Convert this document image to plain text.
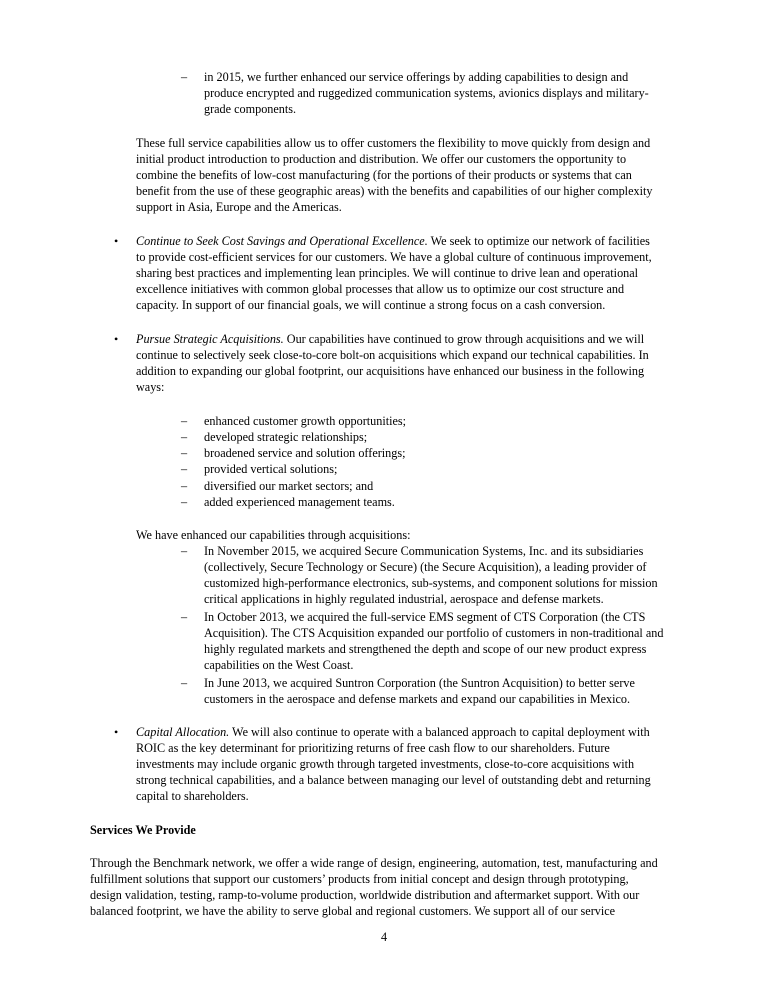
–	in 2015, we further enhanced our service offerings by adding capabilities to design and
produce encrypted and ruggedized communication systems, avionics displays and military-
grade components.
These full service capabilities allow us to offer customers the flexibility to move quickly from design and
initial product introduction to production and distribution. We offer our customers the opportunity to
combine the benefits of low-cost manufacturing (for the portions of their products or systems that can
benefit from the use of these geographic areas) with the benefits and capabilities of our higher complexity
support in Asia, Europe and the Americas.
• Continue to Seek Cost Savings and Operational Excellence. We seek to optimize our network of facilities
to provide cost-efficient services for our customers. We have a global culture of continuous improvement,
sharing best practices and implementing lean principles. We will continue to drive lean and operational
excellence initiatives with common global processes that allow us to optimize our cost structure and
capacity. In support of our financial goals, we will continue a strong focus on a cash conversion.
• Pursue Strategic Acquisitions. Our capabilities have continued to grow through acquisitions and we will
continue to selectively seek close-to-core bolt-on acquisitions which expand our technical capabilities. In
addition to expanding our global footprint, our acquisitions have enhanced our business in the following
ways:
–	enhanced customer growth opportunities;
–	developed strategic relationships;
–	broadened service and solution offerings;
–	provided vertical solutions;
–	diversified our market sectors; and
–	added experienced management teams.
We have enhanced our capabilities through acquisitions:
–	In November 2015, we acquired Secure Communication Systems, Inc. and its subsidiaries
(collectively, Secure Technology or Secure) (the Secure Acquisition), a leading provider of
customized high-performance electronics, sub-systems, and component solutions for mission
critical applications in highly regulated industrial, aerospace and defense markets.
–	In October 2013, we acquired the full-service EMS segment of CTS Corporation (the CTS
Acquisition). The CTS Acquisition expanded our portfolio of customers in non-traditional and
highly regulated markets and strengthened the depth and scope of our new product express
capabilities on the West Coast.
–	In June 2013, we acquired Suntron Corporation (the Suntron Acquisition) to better serve
customers in the aerospace and defense markets and expand our capabilities in Mexico.
• Capital Allocation. We will also continue to operate with a balanced approach to capital deployment with
ROIC as the key determinant for prioritizing returns of free cash flow to our shareholders. Future
investments may include organic growth through targeted investments, close-to-core acquisitions with
strong technical capabilities, and a balance between managing our level of outstanding debt and returning
capital to shareholders.
Services We Provide
Through the Benchmark network, we offer a wide range of design, engineering, automation, test, manufacturing and
fulfillment solutions that support our customers’ products from initial concept and design through prototyping,
design validation, testing, ramp-to-volume production, worldwide distribution and aftermarket support. With our
balanced footprint, we have the ability to serve global and regional customers. We support all of our service
4
